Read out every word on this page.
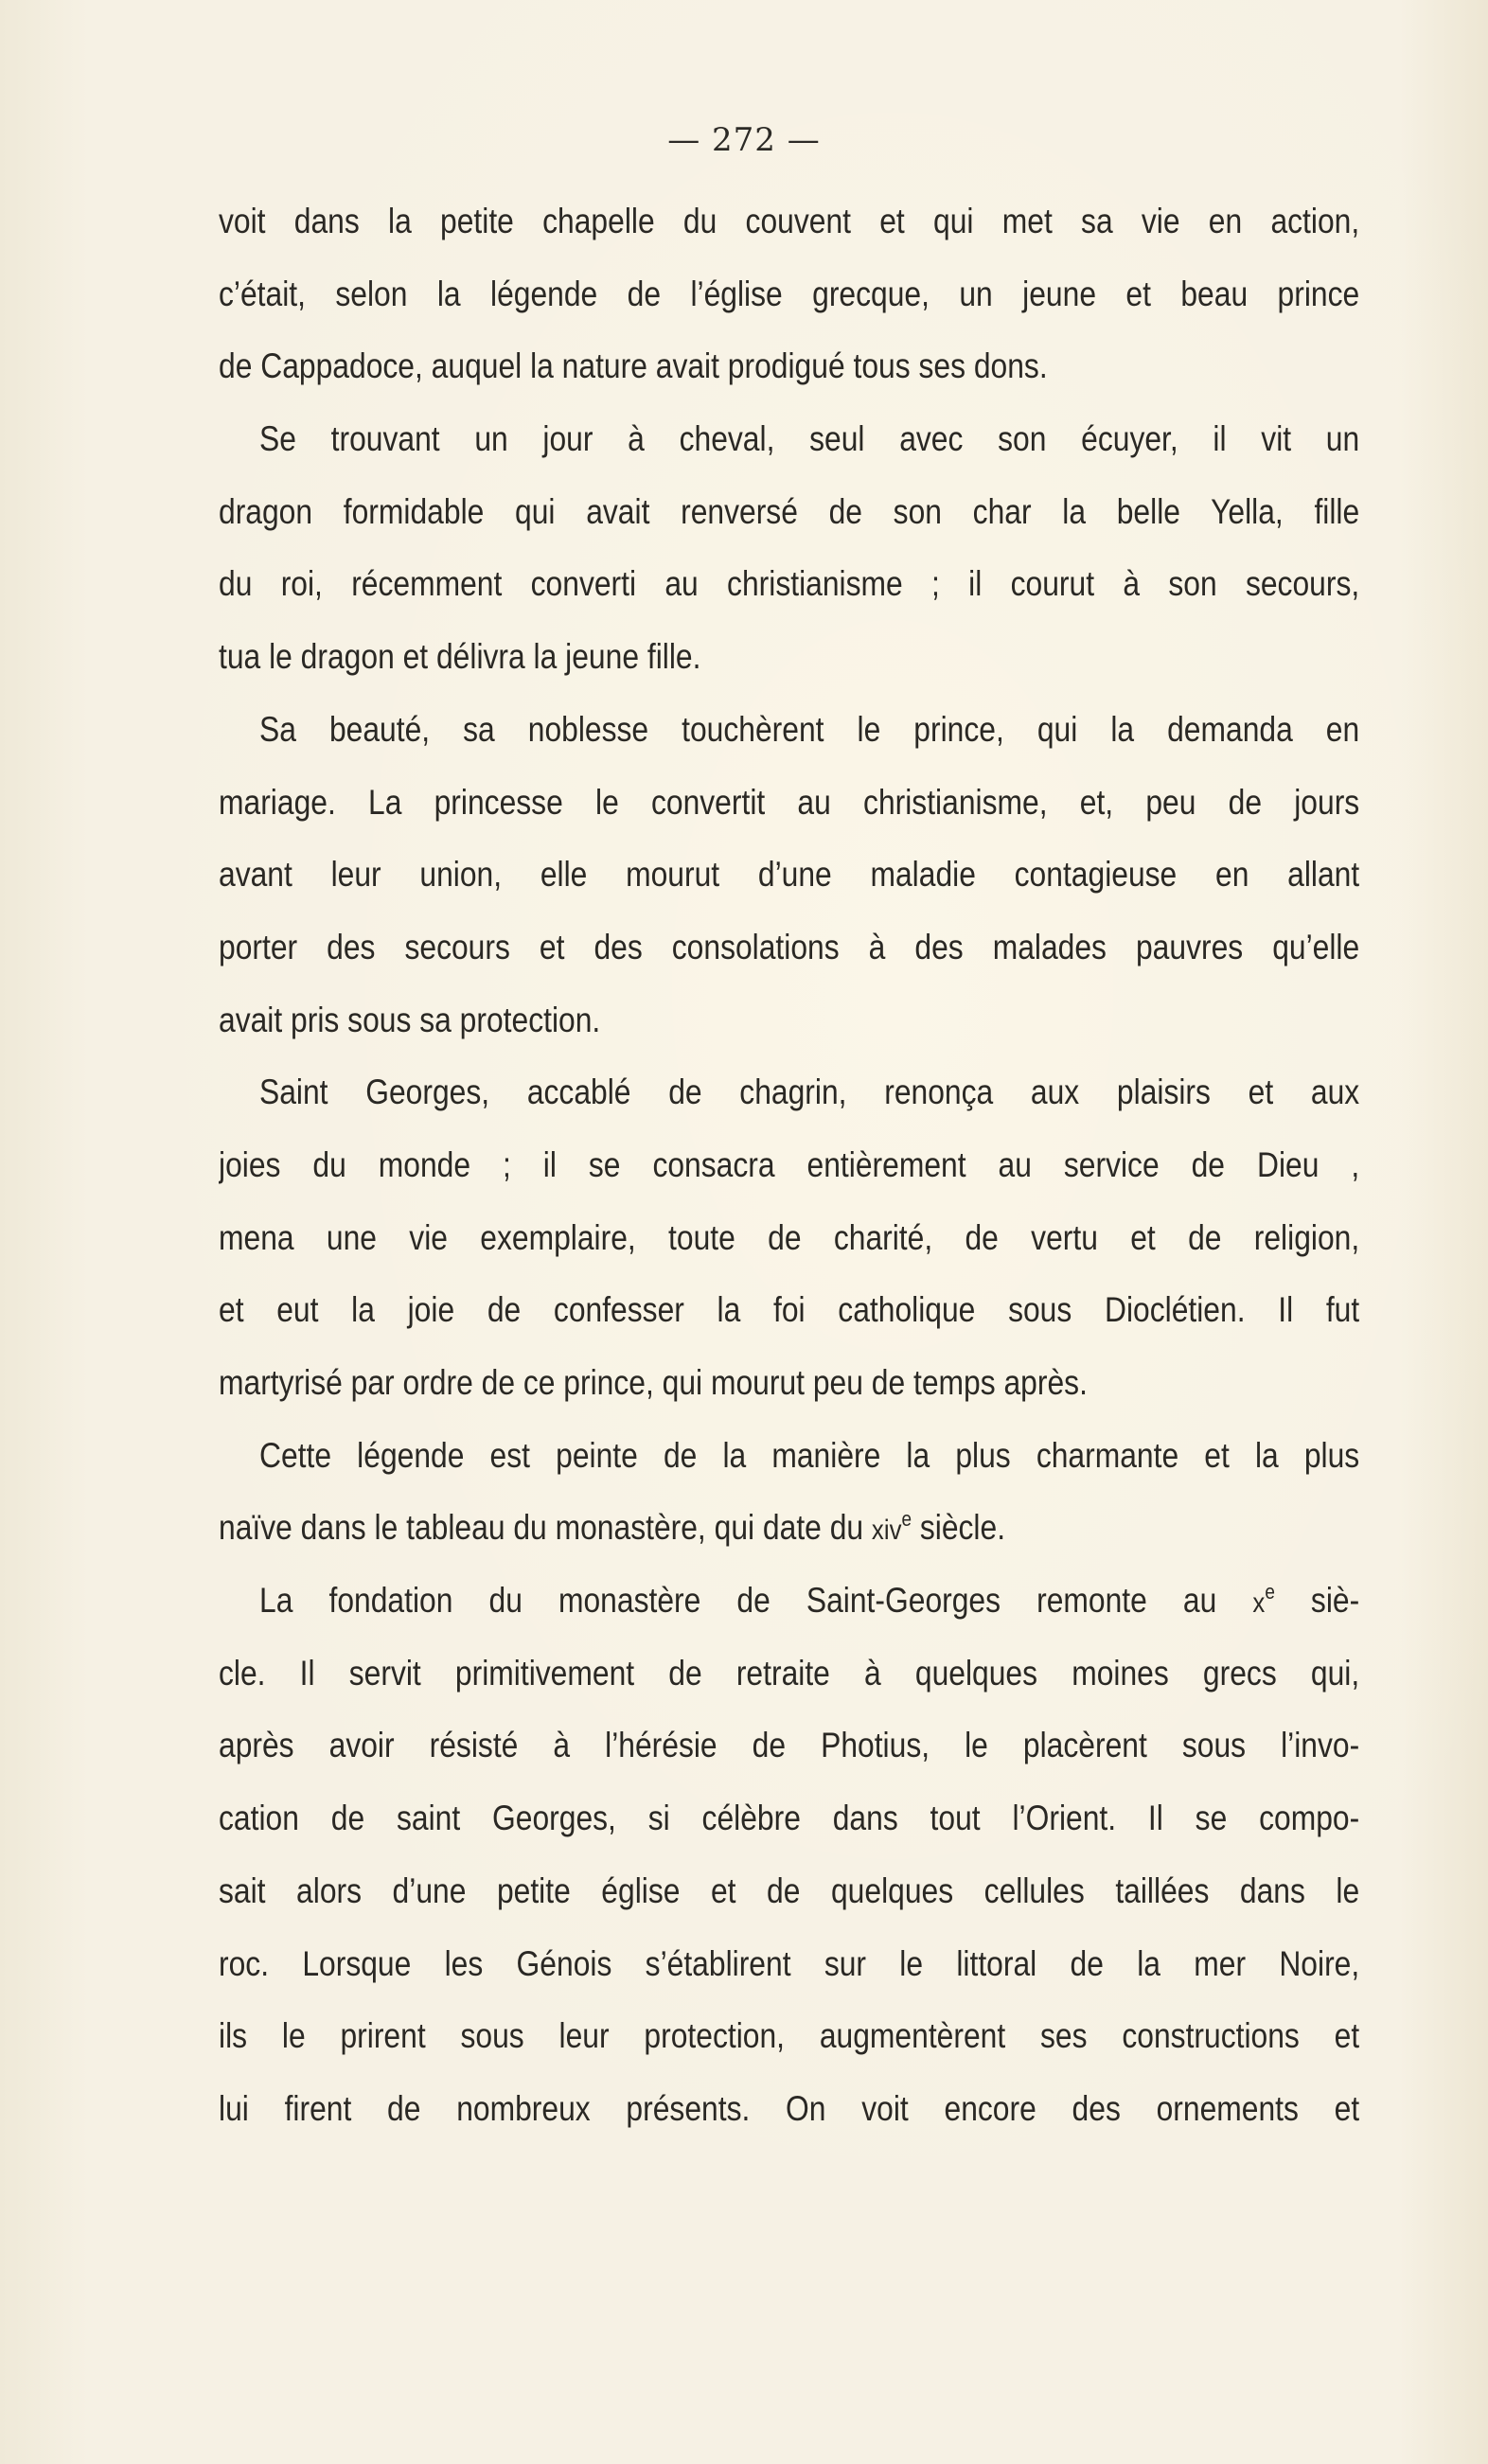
— 272 —
voit dans la petite chapelle du couvent et qui met sa vie en action,
c’était, selon la légende de l’église grecque, un jeune et beau prince
de Cappadoce, auquel la nature avait prodigué tous ses dons.
Se trouvant un jour à cheval, seul avec son écuyer, il vit un
dragon formidable qui avait renversé de son char la belle Yella, fille
du roi, récemment converti au christianisme ; il courut à son secours,
tua le dragon et délivra la jeune fille.
Sa beauté, sa noblesse touchèrent le prince, qui la demanda en
mariage. La princesse le convertit au christianisme, et, peu de jours
avant leur union, elle mourut d’une maladie contagieuse en allant
porter des secours et des consolations à des malades pauvres qu’elle
avait pris sous sa protection.
Saint Georges, accablé de chagrin, renonça aux plaisirs et aux
joies du monde ; il se consacra entièrement au service de Dieu ,
mena une vie exemplaire, toute de charité, de vertu et de religion,
et eut la joie de confesser la foi catholique sous Dioclétien. Il fut
martyrisé par ordre de ce prince, qui mourut peu de temps après.
Cette légende est peinte de la manière la plus charmante et la plus
naïve dans le tableau du monastère, qui date du xiv$^e$ siècle.
La fondation du monastère de Saint-Georges remonte au $x^e$ siè-
cle. Il servit primitivement de retraite à quelques moines grecs qui,
après avoir résisté à l’hérésie de Photius, le placèrent sous l’invo-
cation de saint Georges, si célèbre dans tout l’Orient. Il se compo-
sait alors d’une petite église et de quelques cellules taillées dans le
roc. Lorsque les Génois s’établirent sur le littoral de la mer Noire,
ils le prirent sous leur protection, augmentèrent ses constructions et
lui firent de nombreux présents. On voit encore des ornements et
